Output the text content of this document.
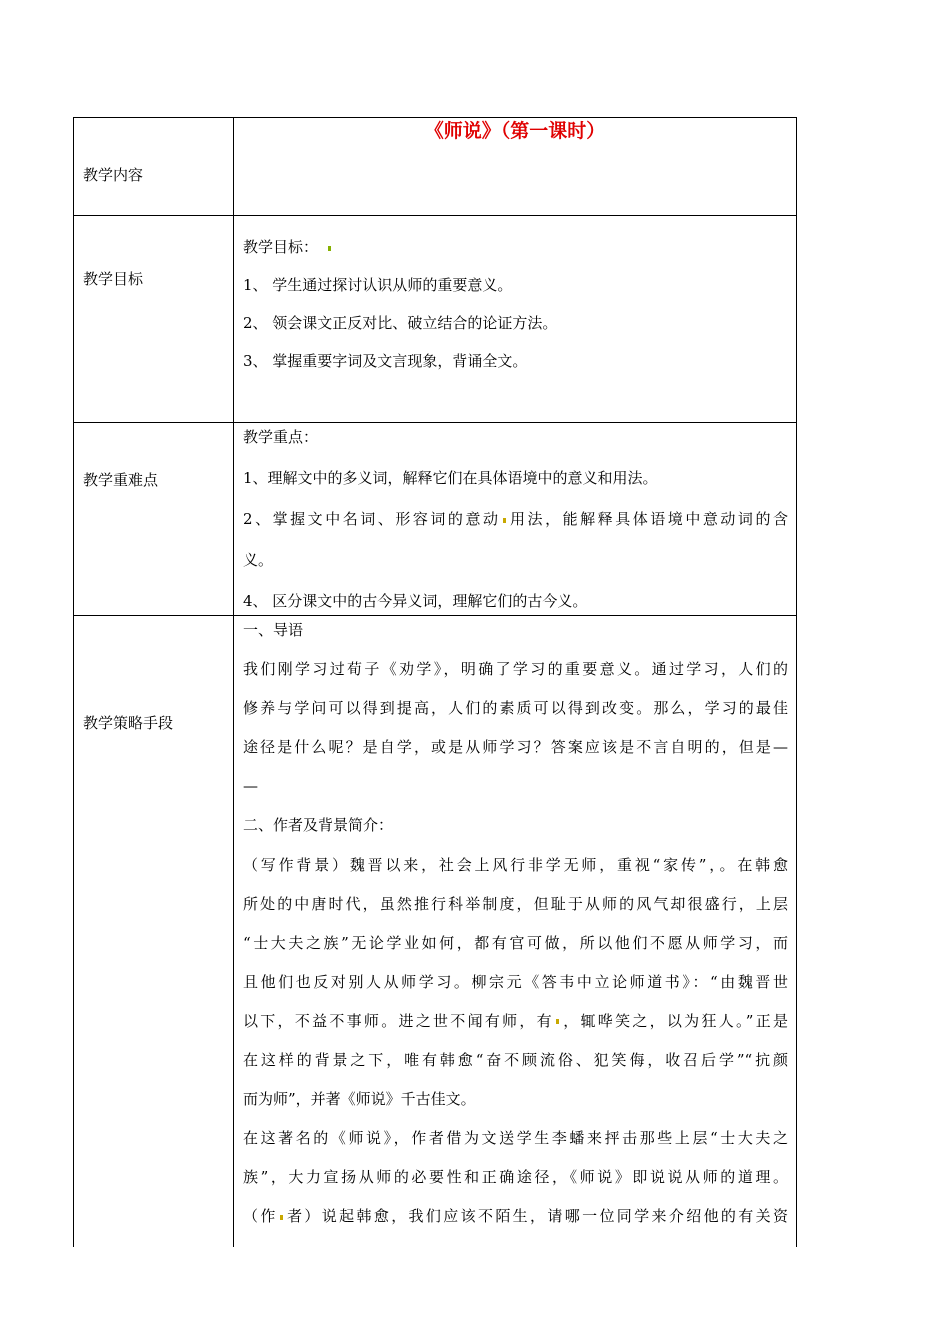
教学内容
《师说》（第一课时）
教学目标

教学目标：

1、 学生通过探讨认识从师的重要意义。

2、 领会课文正反对比、破立结合的论证方法。

3、 掌握重要字词及文言现象，背诵全文。

教学重难点

教学重点：

1、理解文中的多义词，解释它们在具体语境中的意义和用法。

2、掌握文中名词、形容词的意动 用法，能解释具体语境中意动词的含

义。

4、 区分课文中的古今异义词，理解它们的古今义。

教学策略手段

一、导语

我们刚学习过荀子《劝学》，明确了学习的重要意义。通过学习，人们的

修养与学问可以得到提高，人们的素质可以得到改变。那么，学习的最佳

途径是什么呢？是自学，或是从师学习？答案应该是不言自明的，但是—

—

二、作者及背景简介：

（写作背景）魏晋以来，社会上风行非学无师，重视“家传”，。在韩愈

所处的中唐时代，虽然推行科举制度，但耻于从师的风气却很盛行，上层

“士大夫之族”无论学业如何，都有官可做，所以他们不愿从师学习，而

且他们也反对别人从师学习。柳宗元《答韦中立论师道书》：“由魏晋世

以下，不益不事师。进之世不闻有师，有 ，辄哗笑之，以为狂人。”正是

在这样的背景之下，唯有韩愈“奋不顾流俗、犯笑侮，收召后学”“抗颜

而为师”，并著《师说》千古佳文。

在这著名的《师说》，作者借为文送学生李蟠来抨击那些上层“士大夫之

族”，大力宣扬从师的必要性和正确途径，《师说》即说说从师的道理。

（作 者）说起韩愈，我们应该不陌生，请哪一位同学来介绍他的有关资
